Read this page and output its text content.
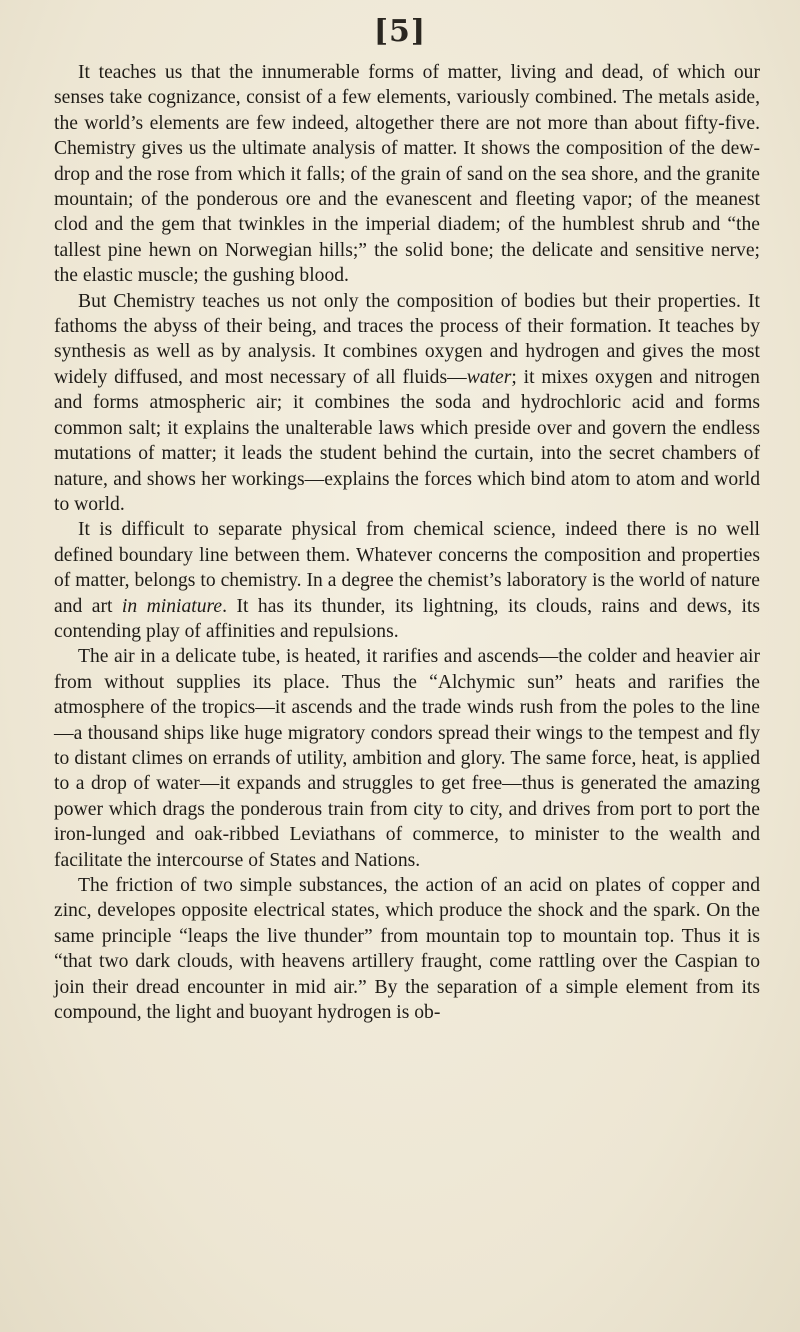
[5]

It teaches us that the innumerable forms of matter, living and dead, of which our senses take cognizance, consist of a few elements, variously combined. The metals aside, the world’s elements are few indeed, altogether there are not more than about fifty-five. Chemistry gives us the ultimate analysis of matter. It shows the composition of the dew-drop and the rose from which it falls; of the grain of sand on the sea shore, and the granite mountain; of the ponderous ore and the evanescent and fleeting vapor; of the meanest clod and the gem that twinkles in the imperial diadem; of the humblest shrub and “the tallest pine hewn on Norwegian hills;” the solid bone; the delicate and sensitive nerve; the elastic muscle; the gushing blood.

But Chemistry teaches us not only the composition of bodies but their properties. It fathoms the abyss of their being, and traces the process of their formation. It teaches by synthesis as well as by analysis. It combines oxygen and hydrogen and gives the most widely diffused, and most necessary of all fluids—water; it mixes oxygen and nitrogen and forms atmospheric air; it combines the soda and hydrochloric acid and forms common salt; it explains the unalterable laws which preside over and govern the endless mutations of matter; it leads the student behind the curtain, into the secret chambers of nature, and shows her workings—explains the forces which bind atom to atom and world to world.

It is difficult to separate physical from chemical science, indeed there is no well defined boundary line between them. Whatever concerns the composition and properties of matter, belongs to chemistry. In a degree the chemist’s laboratory is the world of nature and art in miniature. It has its thunder, its lightning, its clouds, rains and dews, its contending play of affinities and repulsions.

The air in a delicate tube, is heated, it rarifies and ascends—the colder and heavier air from without supplies its place. Thus the “Alchymic sun” heats and rarifies the atmosphere of the tropics—it ascends and the trade winds rush from the poles to the line—a thousand ships like huge migratory condors spread their wings to the tempest and fly to distant climes on errands of utility, ambition and glory. The same force, heat, is applied to a drop of water—it expands and struggles to get free—thus is generated the amazing power which drags the ponderous train from city to city, and drives from port to port the iron-lunged and oak-ribbed Leviathans of commerce, to minister to the wealth and facilitate the intercourse of States and Nations.

The friction of two simple substances, the action of an acid on plates of copper and zinc, developes opposite electrical states, which produce the shock and the spark. On the same principle “leaps the live thunder” from mountain top to mountain top. Thus it is “that two dark clouds, with heavens artillery fraught, come rattling over the Caspian to join their dread encounter in mid air.” By the separation of a simple element from its compound, the light and buoyant hydrogen is ob-
